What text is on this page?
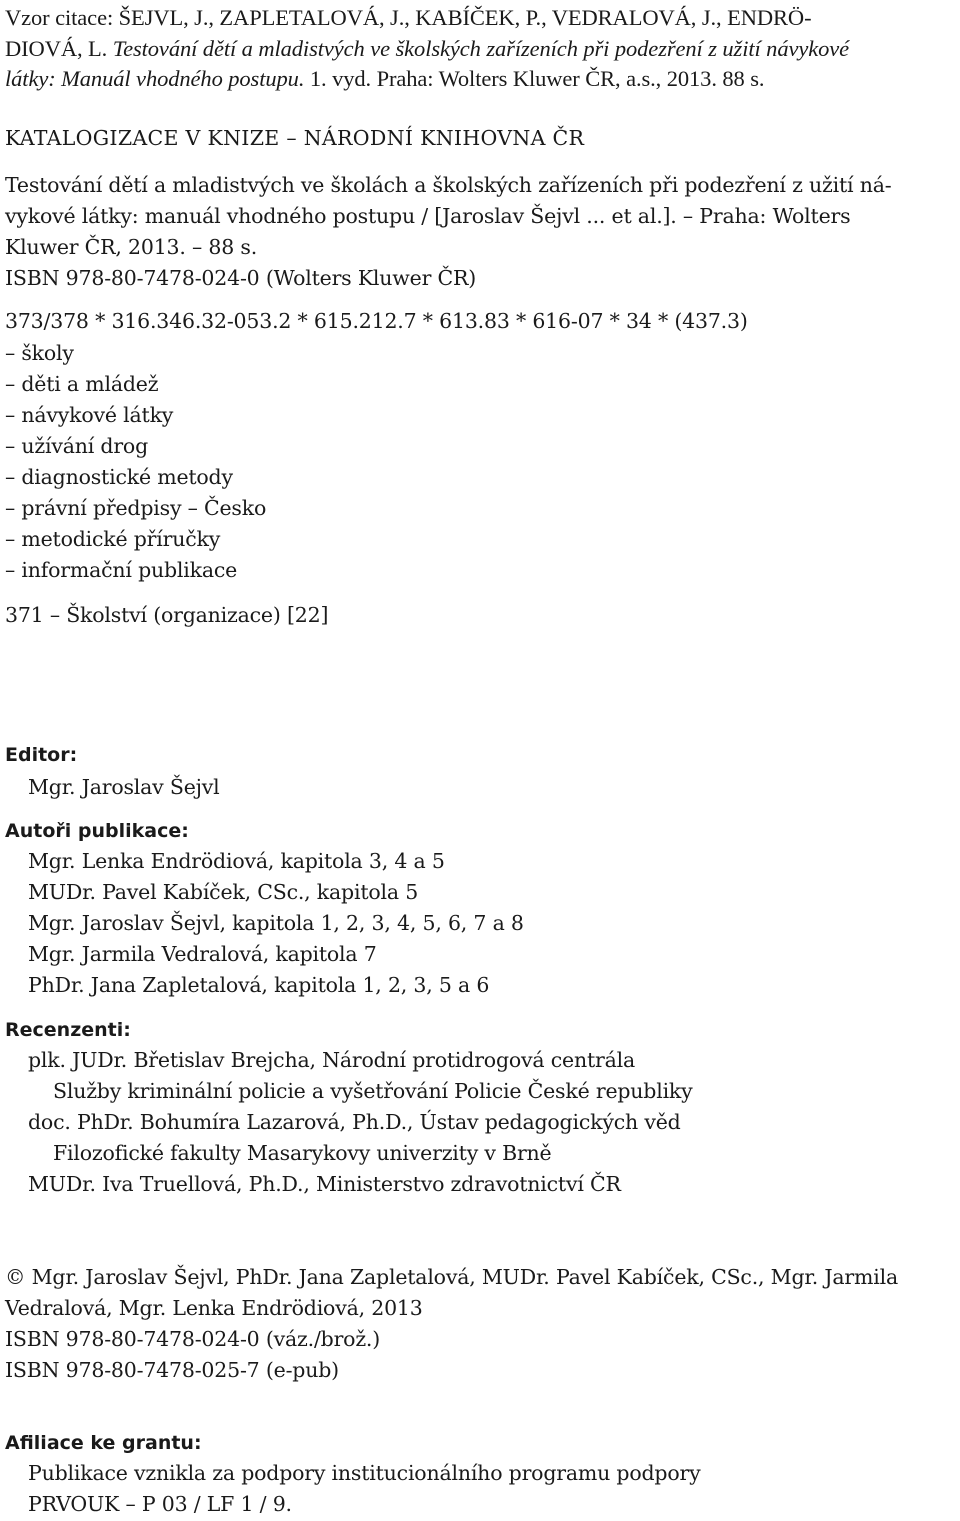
Vzor citace: ŠEJVL, J., ZAPLETALOVÁ, J., KABÍČEK, P., VEDRALOVÁ, J., ENDRÖ-
DIOVÁ, L. Testování dětí a mladistvých ve školských zařízeních při podezření z užití návykové
látky: Manuál vhodného postupu. 1. vyd. Praha: Wolters Kluwer ČR, a.s., 2013. 88 s.
KATALOGIZACE V KNIZE – NÁRODNÍ KNIHOVNA ČR
Testování dětí a mladistvých ve školách a školských zařízeních při podezření z užití ná-
vykové látky: manuál vhodného postupu / [Jaroslav Šejvl ... et al.]. – Praha: Wolters
Kluwer ČR, 2013. – 88 s.
ISBN 978-80-7478-024-0 (Wolters Kluwer ČR)
373/378 * 316.346.32-053.2 * 615.212.7 * 613.83 * 616-07 * 34 * (437.3)
– školy
– děti a mládež
– návykové látky
– užívání drog
– diagnostické metody
– právní předpisy – Česko
– metodické příručky
– informační publikace
371 – Školství (organizace) [22]
Editor:
Mgr. Jaroslav Šejvl
Autoři publikace:
Mgr. Lenka Endrödiová, kapitola 3, 4 a 5
MUDr. Pavel Kabíček, CSc., kapitola 5
Mgr. Jaroslav Šejvl, kapitola 1, 2, 3, 4, 5, 6, 7 a 8
Mgr. Jarmila Vedralová, kapitola 7
PhDr. Jana Zapletalová, kapitola 1, 2, 3, 5 a 6
Recenzenti:
plk. JUDr. Břetislav Brejcha, Národní protidrogová centrála
Služby kriminální policie a vyšetřování Policie České republiky
doc. PhDr. Bohumíra Lazarová, Ph.D., Ústav pedagogických věd
Filozofické fakulty Masarykovy univerzity v Brně
MUDr. Iva Truellová, Ph.D., Ministerstvo zdravotnictví ČR
© Mgr. Jaroslav Šejvl, PhDr. Jana Zapletalová, MUDr. Pavel Kabíček, CSc., Mgr. Jarmila
Vedralová, Mgr. Lenka Endrödiová, 2013
ISBN 978-80-7478-024-0 (váz./brož.)
ISBN 978-80-7478-025-7 (e-pub)
Afiliace ke grantu:
Publikace vznikla za podpory institucionálního programu podpory
PRVOUK – P 03 / LF 1 / 9.
